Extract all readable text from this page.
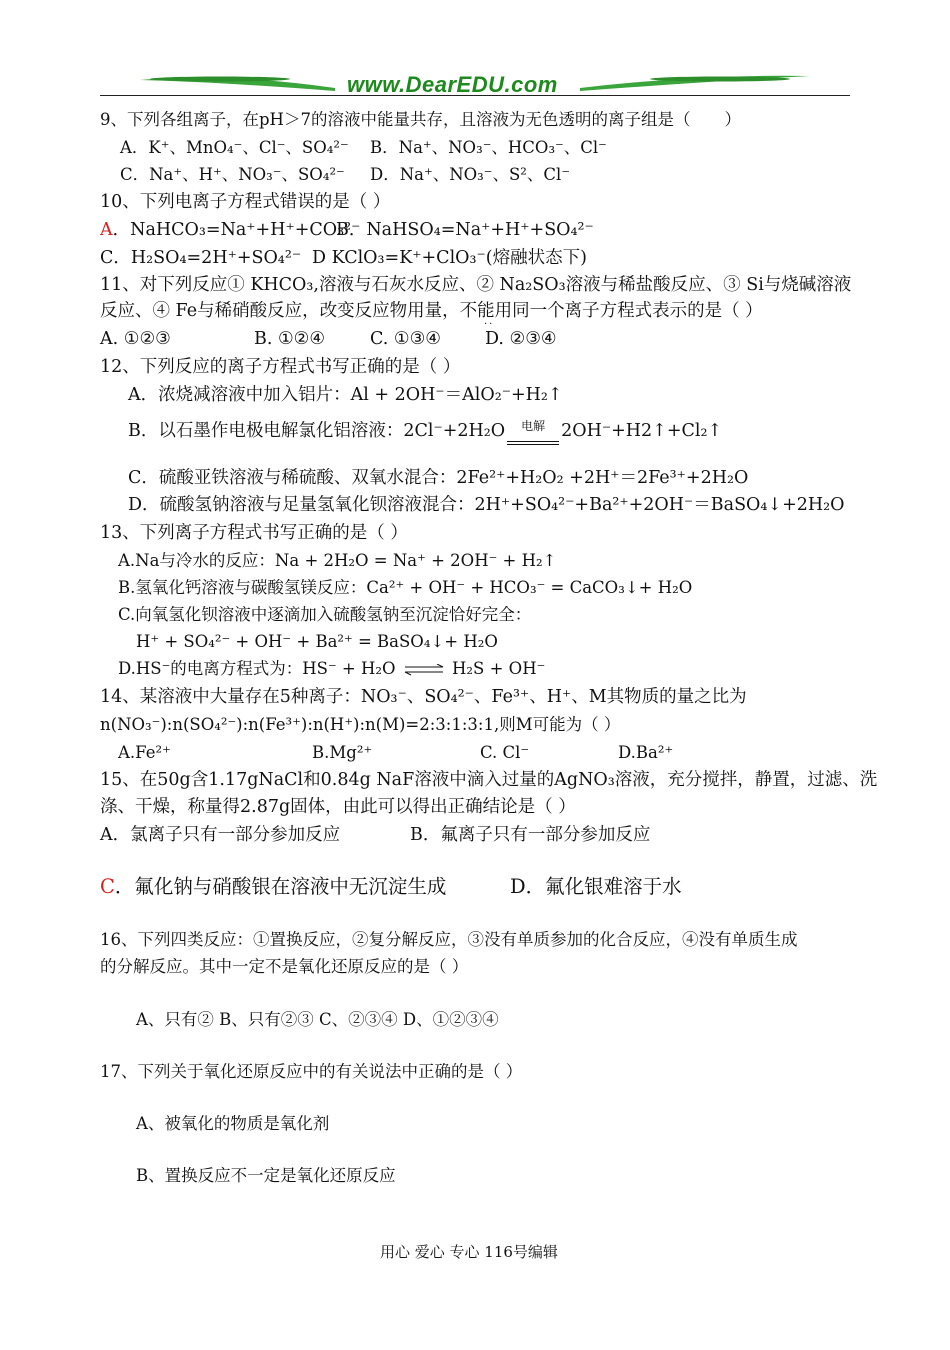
www.DearEDU.com
9、下列各组离子，在pH＞7的溶液中能量共存，且溶液为无色透明的离子组是（ ）
A．K⁺、MnO₄⁻、Cl⁻、SO₄²⁻ B．Na⁺、NO₃⁻、HCO₃⁻、Cl⁻
C．Na⁺、H⁺、NO₃⁻、SO₄²⁻ D．Na⁺、NO₃⁻、S²、Cl⁻
10、下列电离子方程式错误的是（ ）
A．NaHCO₃=Na⁺+H⁺+CO₃²⁻
B．NaHSO₄=Na⁺+H⁺+SO₄²⁻
C．H₂SO₄=2H⁺+SO₄²⁻ D KClO₃=K⁺+ClO₃⁻(熔融状态下)
11、对下列反应① KHCO₃,溶液与石灰水反应、② Na₂SO₃溶液与稀盐酸反应、③ Si与烧碱溶液
反应、④ Fe与稀硝酸反应，改变反应物用量，不能用同一个离子方程式表示的是（ ）
·  ·
A. ①②③	B. ①②④	C. ①③④	D. ②③④
12、下列反应的离子方程式书写正确的是（ ）
A．浓烧减溶液中加入铝片：Al + 2OH⁻＝AlO₂⁻+H₂↑
B．以石墨作电极电解氯化铝溶液：2Cl⁻+2H₂O $^{电解}$ 2OH⁻+H2↑+Cl₂↑
C．硫酸亚铁溶液与稀硫酸、双氧水混合：2Fe²⁺+H₂O₂ +2H⁺＝2Fe³⁺+2H₂O
D．硫酸氢钠溶液与足量氢氧化钡溶液混合：2H⁺+SO₄²⁻+Ba²⁺+2OH⁻＝BaSO₄↓+2H₂O
13、下列离子方程式书写正确的是（ ）
A.Na与冷水的反应：Na + 2H₂O = Na⁺ + 2OH⁻ + H₂↑
B.氢氧化钙溶液与碳酸氢镁反应：Ca²⁺ + OH⁻ + HCO₃⁻ = CaCO₃↓+ H₂O
C.向氧氢化钡溶液中逐滴加入硫酸氢钠至沉淀恰好完全：
H⁺ + SO₄²⁻ + OH⁻ + Ba²⁺ = BaSO₄↓+ H₂O
D.HS⁻的电离方程式为：HS⁻ + H₂O ⇌ H₂S + OH⁻
14、某溶液中大量存在5种离子：NO₃⁻、SO₄²⁻、Fe³⁺、H⁺、M其物质的量之比为
n(NO₃⁻):n(SO₄²⁻):n(Fe³⁺):n(H⁺):n(M)=2:3:1:3:1,则M可能为（ ）
A.Fe²⁺	B.Mg²⁺	C. Cl⁻	D.Ba²⁺
15、在50g含1.17gNaCl和0.84g NaF溶液中滴入过量的AgNO₃溶液，充分搅拌，静置，过滤、洗
涤、干燥，称量得2.87g固体，由此可以得出正确结论是（ ）
A．氯离子只有一部分参加反应	B．氟离子只有一部分参加反应
C．氟化钠与硝酸银在溶液中无沉淀生成	D．氟化银难溶于水
16、下列四类反应：①置换反应，②复分解反应，③没有单质参加的化合反应，④没有单质生成
的分解反应。其中一定不是氧化还原反应的是（ ）
A、只有② B、只有②③ C、②③④ D、①②③④
17、下列关于氧化还原反应中的有关说法中正确的是（ ）
A、被氧化的物质是氧化剂
B、置换反应不一定是氧化还原反应
用心 爱心 专心 116号编辑
